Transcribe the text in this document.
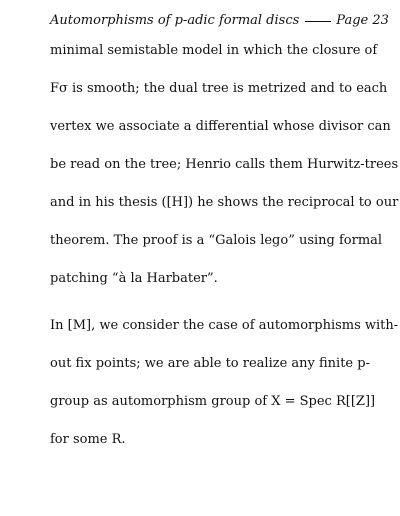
Automorphisms of p-adic formal discs	Page 23
minimal semistable model in which the closure of
Fσ is smooth; the dual tree is metrized and to each
vertex we associate a differential whose divisor can
be read on the tree; Henrio calls them Hurwitz-trees
and in his thesis ([H]) he shows the reciprocal to our
theorem. The proof is a “Galois lego” using formal
patching “à la Harbater”.
In [M], we consider the case of automorphisms with-
out fix points; we are able to realize any finite p-
group as automorphism group of X = Spec R[[Z]]
for some R.
